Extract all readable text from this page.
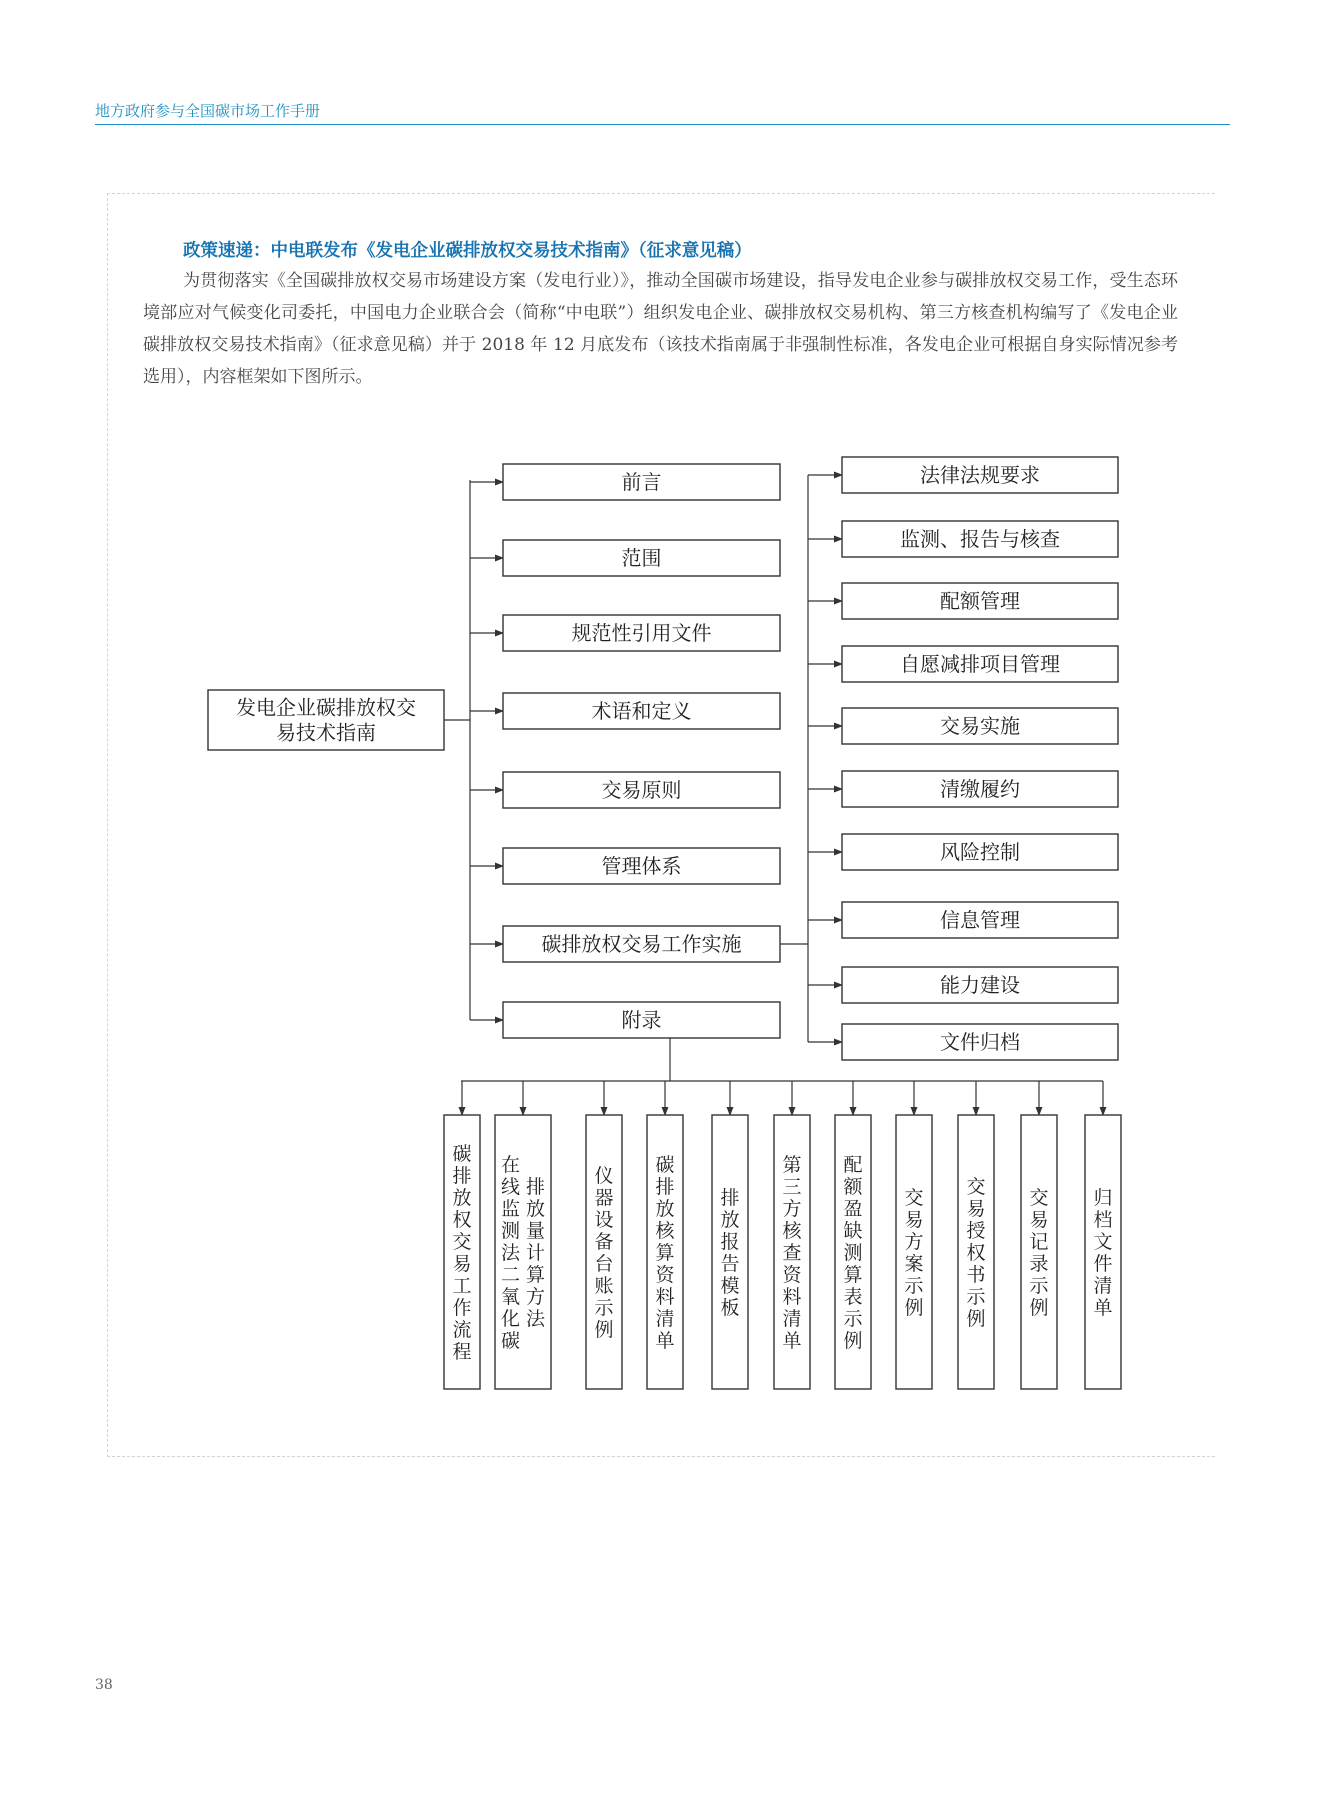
地方政府参与全国碳市场工作手册
政策速递：中电联发布《发电企业碳排放权交易技术指南》（征求意见稿）

为贯彻落实《全国碳排放权交易市场建设方案（发电行业）》，推动全国碳市场建设，指导发电企业参与碳排放权交易工作，受生态环境部应对气候变化司委托，中国电力企业联合会（简称“中电联”）组织发电企业、碳排放权交易机构、第三方核查机构编写了《发电企业碳排放权交易技术指南》（征求意见稿）并于 2018 年 12 月底发布（该技术指南属于非强制性标准，各发电企业可根据自身实际情况参考选用），内容框架如下图所示。

发电企业碳排放权交
易技术指南
前言
范围
规范性引用文件
术语和定义
交易原则
管理体系
碳排放权交易工作实施
附录
法律法规要求
监测、报告与核查
配额管理
自愿减排项目管理
交易实施
清缴履约
风险控制
信息管理
能力建设
文件归档
碳排放权交易工作流程
在线监测法二氧化碳
排放量计算方法
仪器设备台账示例
碳排放核算资料清单
排放报告模板
第三方核查资料清单
配额盈缺测算表示例
交易方案示例
交易授权书示例
交易记录示例
归档文件清单
38
